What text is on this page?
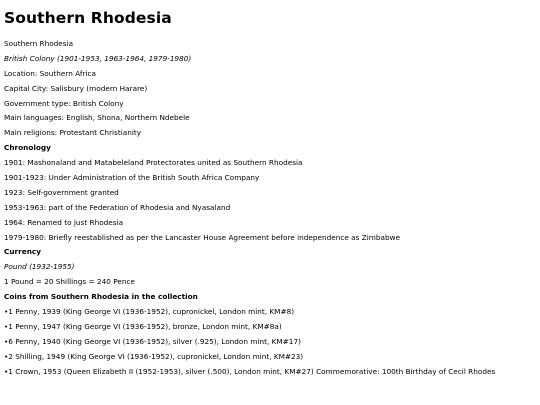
Southern Rhodesia
Southern Rhodesia
British Colony (1901-1953, 1963-1964, 1979-1980)
Location: Southern Africa
Capital City: Salisbury (modern Harare)
Government type: British Colony
Main languages: English, Shona, Northern Ndebele
Main religions: Protestant Christianity
Chronology
1901: Mashonaland and Matabeleland Protectorates united as Southern Rhodesia
1901-1923: Under Administration of the British South Africa Company
1923: Self-government granted
1953-1963: part of the Federation of Rhodesia and Nyasaland
1964: Renamed to just Rhodesia
1979-1980: Briefly reestablished as per the Lancaster House Agreement before independence as Zimbabwe
Currency
Pound (1932-1955)
1 Pound = 20 Shillings = 240 Pence
Coins from Southern Rhodesia in the collection
•1 Penny, 1939 (King George VI (1936-1952), cupronickel, London mint, KM#8)
•1 Penny, 1947 (King George VI (1936-1952), bronze, London mint, KM#8a)
•6 Penny, 1940 (King George VI (1936-1952), silver (.925), London mint, KM#17)
•2 Shilling, 1949 (King George VI (1936-1952), cupronickel, London mint, KM#23)
•1 Crown, 1953 (Queen Elizabeth II (1952-1953), silver (.500), London mint, KM#27) Commemorative: 100th Birthday of Cecil Rhodes
